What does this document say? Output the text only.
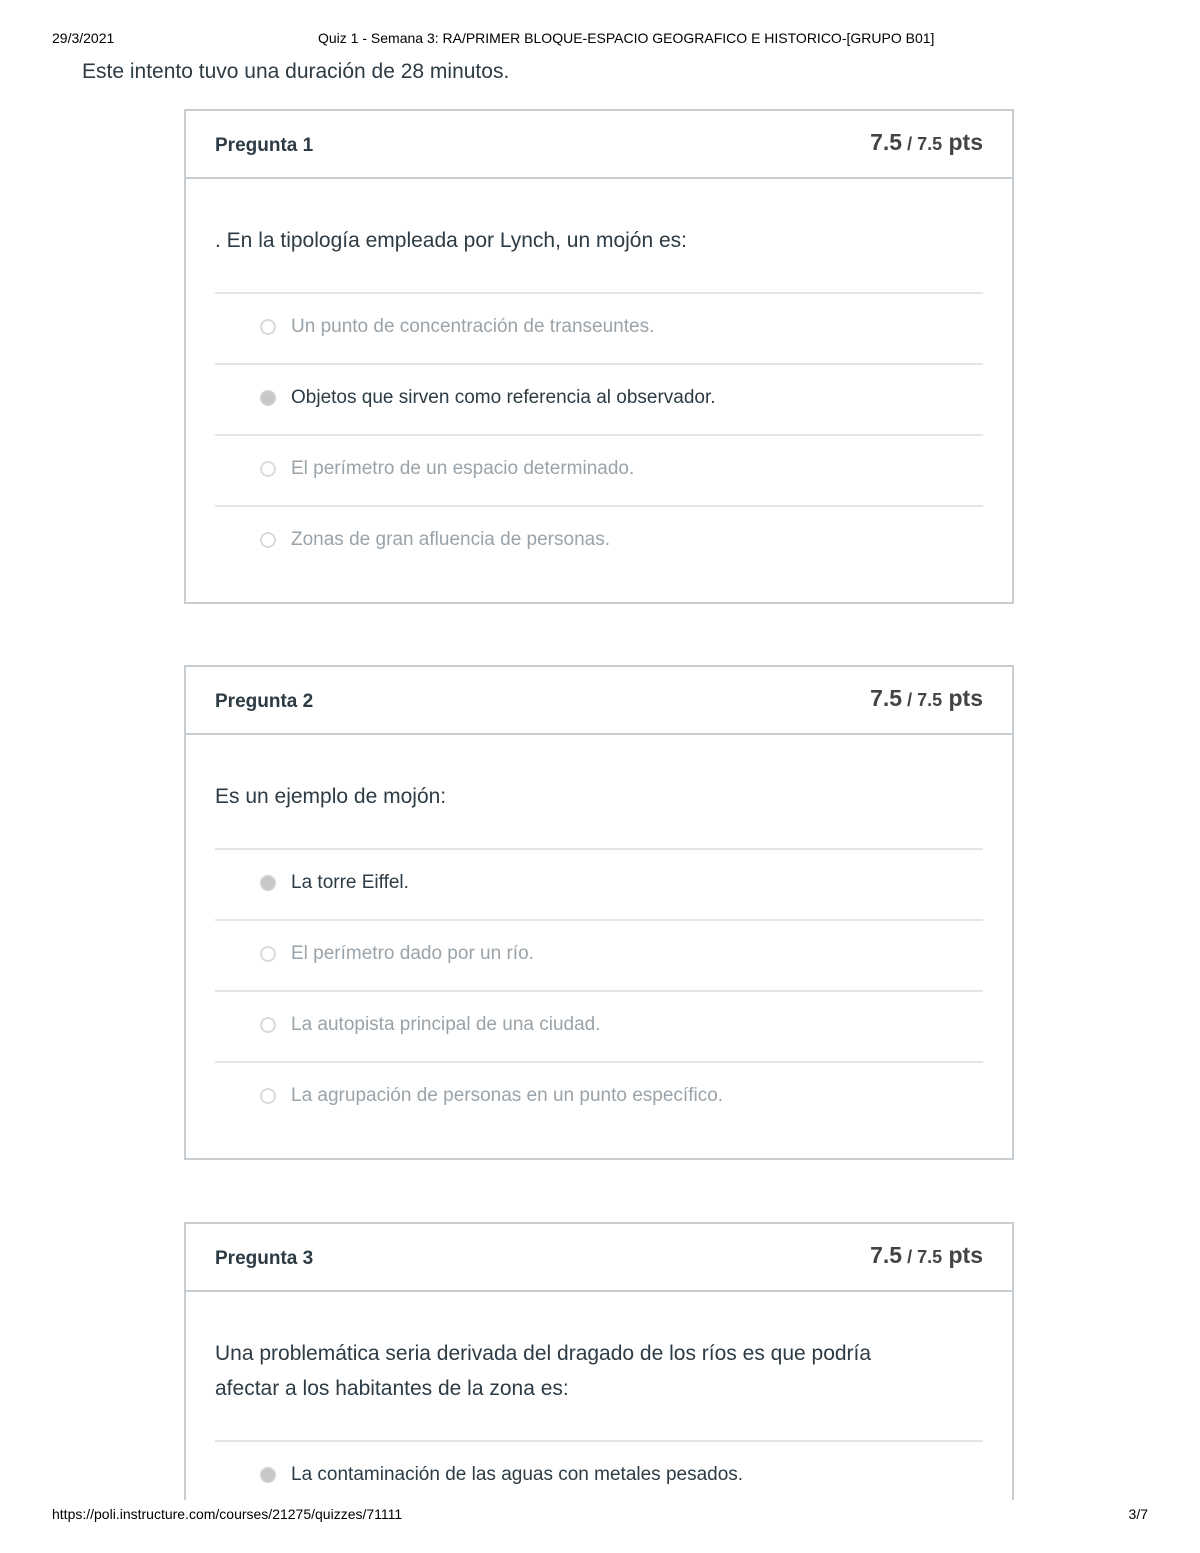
29/3/2021	Quiz 1 - Semana 3: RA/PRIMER BLOQUE-ESPACIO GEOGRAFICO E HISTORICO-[GRUPO B01]
Este intento tuvo una duración de 28 minutos.
Pregunta 1	7.5 / 7.5 pts
. En la tipología empleada por Lynch, un mojón es:
Un punto de concentración de transeuntes.
Objetos que sirven como referencia al observador.
El perímetro de un espacio determinado.
Zonas de gran afluencia de personas.
Pregunta 2	7.5 / 7.5 pts
Es un ejemplo de mojón:
La torre Eiffel.
El perímetro dado por un río.
La autopista principal de una ciudad.
La agrupación de personas en un punto específico.
Pregunta 3	7.5 / 7.5 pts
Una problemática seria derivada del dragado de los ríos es que podría
afectar a los habitantes de la zona es:
La contaminación de las aguas con metales pesados.
https://poli.instructure.com/courses/21275/quizzes/71111	3/7
